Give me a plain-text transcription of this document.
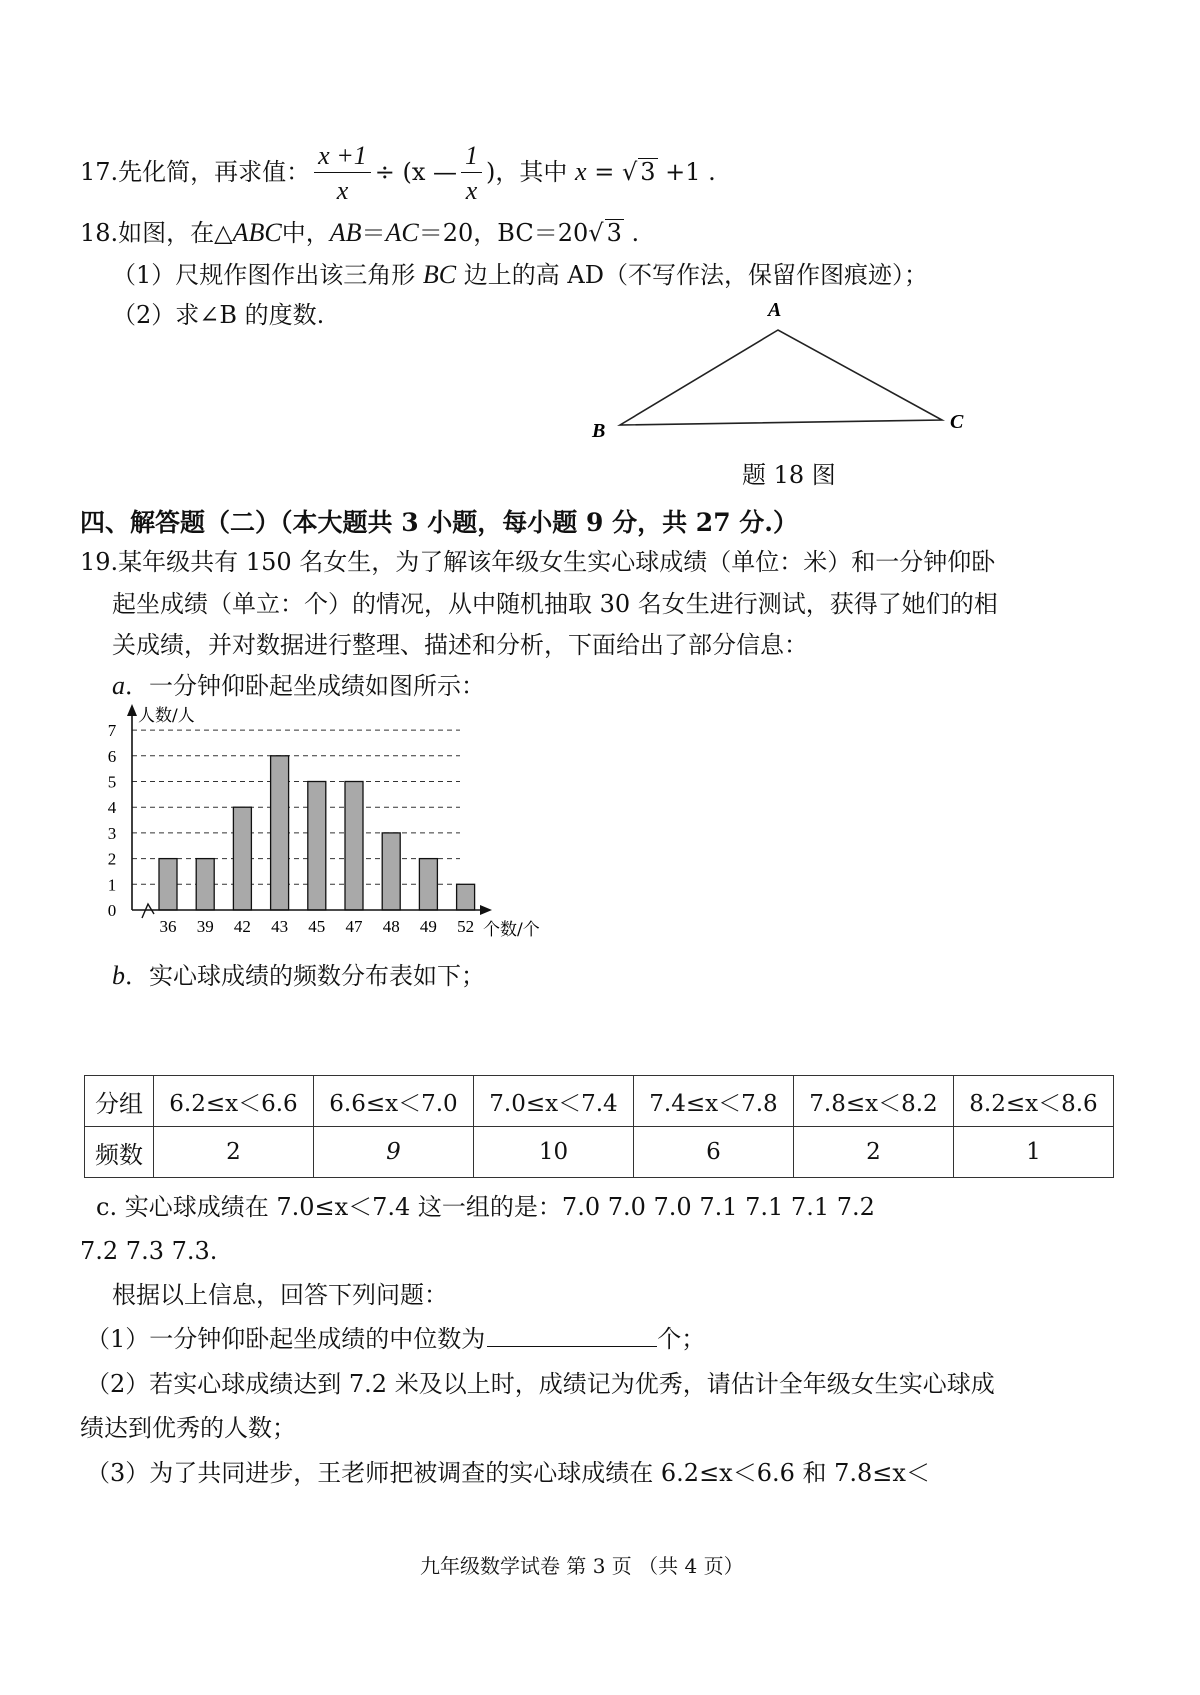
17.先化简，再求值： $\frac{x +1}{x} \div (x$ — $\frac{1}{x}$ )，其中 x = √ 3 +1 .
18.如图，在△ABC中，AB＝AC＝20，BC＝20√ 3 .
（1）尺规作图作出该三角形 BC 边上的高 AD（不写作法，保留作图痕迹）；
（2）求∠B 的度数.	A
B	C
题 18 图
四、解答题（二）（本大题共 3 小题，每小题 9 分，共 27 分.）
19.某年级共有 150 名女生，为了解该年级女生实心球成绩（单位：米）和一分钟仰卧
起坐成绩（单立：个）的情况，从中随机抽取 30 名女生进行测试，获得了她们的相
关成绩，并对数据进行整理、描述和分析，下面给出了部分信息：
a．一分钟仰卧起坐成绩如图所示：
0
1
2
3
4
5
6
7
36 39 42 43 45 47 48 49 52
人数/人
个数/个
b．实心球成绩的频数分布表如下；
分组	6.2≤x＜6.6	6.6≤x＜7.0	7.0≤x＜7.4	7.4≤x＜7.8	7.8≤x＜8.2	8.2≤x＜8.6
频数	2	9	10	6	2	1
c. 实心球成绩在 7.0≤x＜7.4 这一组的是：7.0 7.0 7.0 7.1 7.1 7.1 7.2
7.2 7.3 7.3.
根据以上信息，回答下列问题：
（1）一分钟仰卧起坐成绩的中位数为	个；
（2）若实心球成绩达到 7.2 米及以上时，成绩记为优秀，请估计全年级女生实心球成
绩达到优秀的人数；
（3）为了共同进步，王老师把被调查的实心球成绩在 6.2≤x＜6.6 和 7.8≤x＜
九年级数学试卷 第 3 页 （共 4 页）
